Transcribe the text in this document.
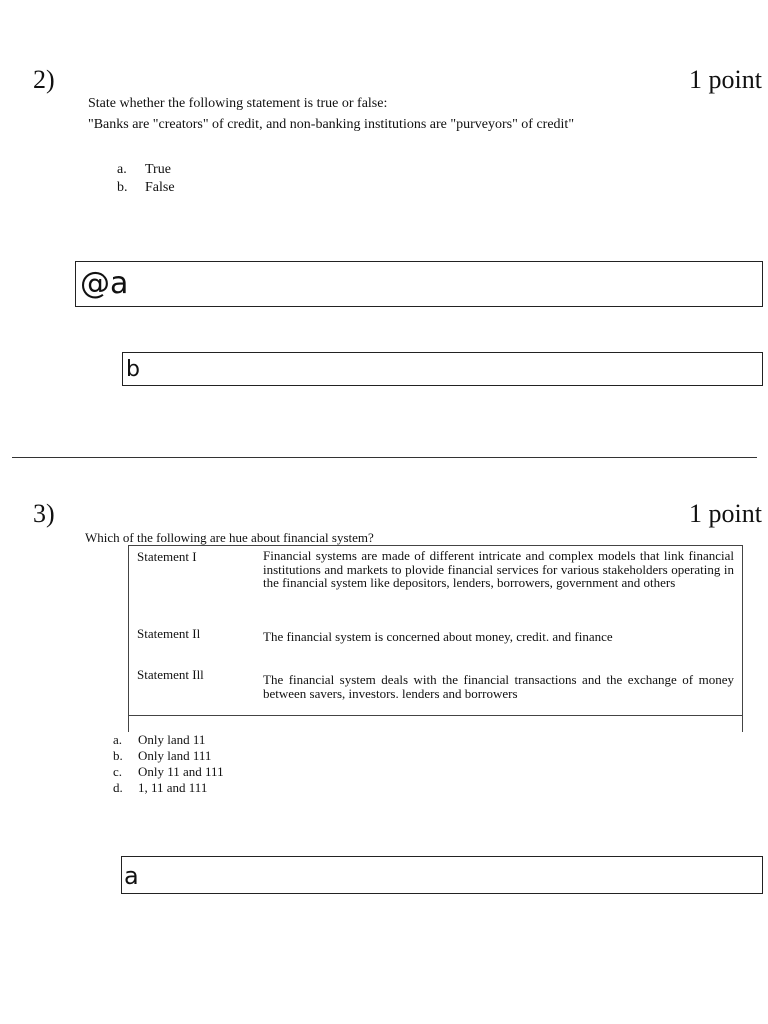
2)	1 point
State whether the following statement is true or false:
"Banks are "creators" of credit, and non-banking institutions are "purveyors" of credit"
a. True
b. False
@a
b
3)	1 point
Which of the following are hue about financial system?
Statement I	Financial systems are made of different intricate and complex models that link financial institutions and markets to plovide financial services for various stakeholders operating in the financial system like depositors, lenders, borrowers, government and others
Statement Il	The financial system is concerned about money, credit. and finance
Statement Ill	The financial system deals with the financial transactions and the exchange of money between savers, investors. lenders and borrowers
a. Only land 11
b. Only land 111
c. Only 11 and 111
d. 1, 11 and 111
a
